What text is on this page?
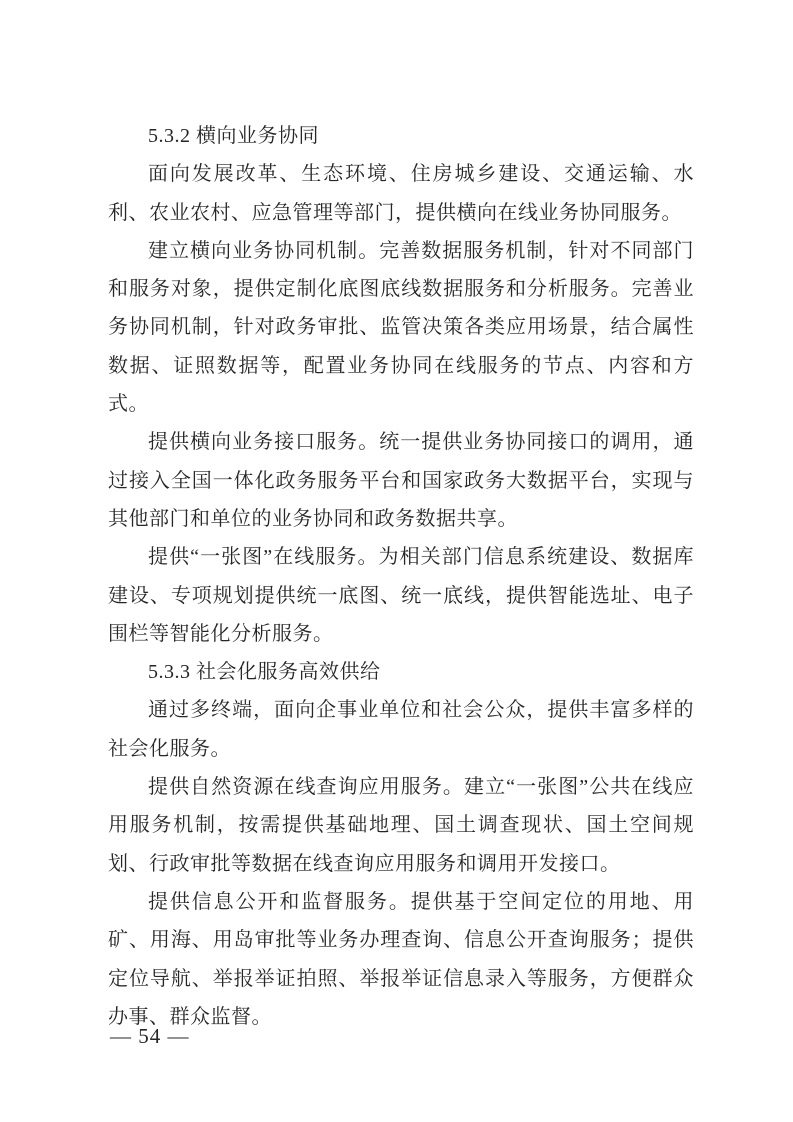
5.3.2 横向业务协同

面向发展改革、生态环境、住房城乡建设、交通运输、水利、农业农村、应急管理等部门，提供横向在线业务协同服务。

建立横向业务协同机制。完善数据服务机制，针对不同部门和服务对象，提供定制化底图底线数据服务和分析服务。完善业务协同机制，针对政务审批、监管决策各类应用场景，结合属性数据、证照数据等，配置业务协同在线服务的节点、内容和方式。

提供横向业务接口服务。统一提供业务协同接口的调用，通过接入全国一体化政务服务平台和国家政务大数据平台，实现与其他部门和单位的业务协同和政务数据共享。

提供“一张图”在线服务。为相关部门信息系统建设、数据库建设、专项规划提供统一底图、统一底线，提供智能选址、电子围栏等智能化分析服务。

5.3.3 社会化服务高效供给

通过多终端，面向企事业单位和社会公众，提供丰富多样的社会化服务。

提供自然资源在线查询应用服务。建立“一张图”公共在线应用服务机制，按需提供基础地理、国土调查现状、国土空间规划、行政审批等数据在线查询应用服务和调用开发接口。

提供信息公开和监督服务。提供基于空间定位的用地、用矿、用海、用岛审批等业务办理查询、信息公开查询服务；提供定位导航、举报举证拍照、举报举证信息录入等服务，方便群众办事、群众监督。

— 54 —
